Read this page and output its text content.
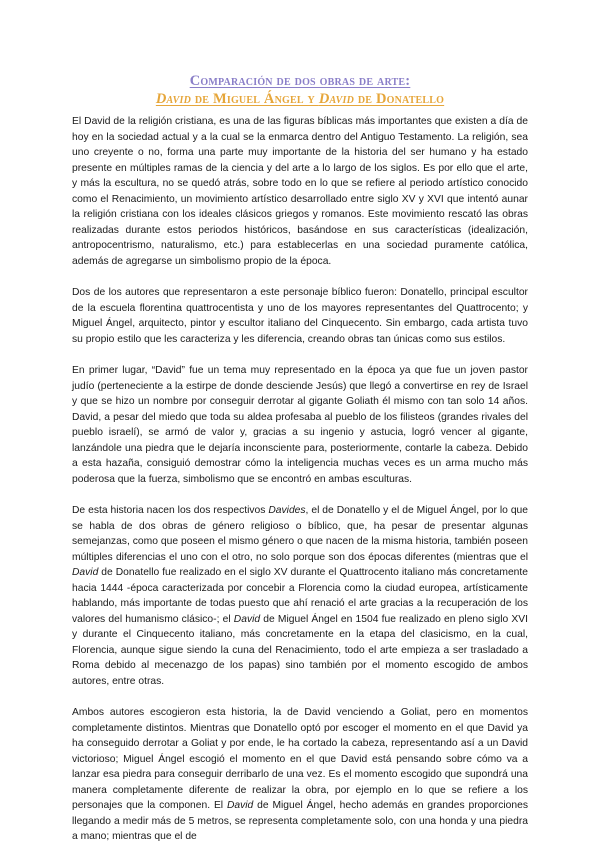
Comparación de dos obras de arte:
David de Miguel Ángel y David de Donatello

El David de la religión cristiana, es una de las figuras bíblicas más importantes que existen a día de hoy en la sociedad actual y a la cual se la enmarca dentro del Antiguo Testamento. La religión, sea uno creyente o no, forma una parte muy importante de la historia del ser humano y ha estado presente en múltiples ramas de la ciencia y del arte a lo largo de los siglos. Es por ello que el arte, y más la escultura, no se quedó atrás, sobre todo en lo que se refiere al periodo artístico conocido como el Renacimiento, un movimiento artístico desarrollado entre siglo XV y XVI que intentó aunar la religión cristiana con los ideales clásicos griegos y romanos. Este movimiento rescató las obras realizadas durante estos periodos históricos, basándose en sus características (idealización, antropocentrismo, naturalismo, etc.) para establecerlas en una sociedad puramente católica, además de agregarse un simbolismo propio de la época.

Dos de los autores que representaron a este personaje bíblico fueron: Donatello, principal escultor de la escuela florentina quattrocentista y uno de los mayores representantes del Quattrocento; y Miguel Ángel, arquitecto, pintor y escultor italiano del Cinquecento. Sin embargo, cada artista tuvo su propio estilo que les caracteriza y les diferencia, creando obras tan únicas como sus estilos.

En primer lugar, “David” fue un tema muy representado en la época ya que fue un joven pastor judío (perteneciente a la estirpe de donde desciende Jesús) que llegó a convertirse en rey de Israel y que se hizo un nombre por conseguir derrotar al gigante Goliath él mismo con tan solo 14 años. David, a pesar del miedo que toda su aldea profesaba al pueblo de los filisteos (grandes rivales del pueblo israelí), se armó de valor y, gracias a su ingenio y astucia, logró vencer al gigante, lanzándole una piedra que le dejaría inconsciente para, posteriormente, contarle la cabeza. Debido a esta hazaña, consiguió demostrar cómo la inteligencia muchas veces es un arma mucho más poderosa que la fuerza, simbolismo que se encontró en ambas esculturas.

De esta historia nacen los dos respectivos Davides, el de Donatello y el de Miguel Ángel, por lo que se habla de dos obras de género religioso o bíblico, que, ha pesar de presentar algunas semejanzas, como que poseen el mismo género o que nacen de la misma historia, también poseen múltiples diferencias el uno con el otro, no solo porque son dos épocas diferentes (mientras que el David de Donatello fue realizado en el siglo XV durante el Quattrocento italiano más concretamente hacia 1444 -época caracterizada por concebir a Florencia como la ciudad europea, artísticamente hablando, más importante de todas puesto que ahí renació el arte gracias a la recuperación de los valores del humanismo clásico-; el David de Miguel Ángel en 1504 fue realizado en pleno siglo XVI y durante el Cinquecento italiano, más concretamente en la etapa del clasicismo, en la cual, Florencia, aunque sigue siendo la cuna del Renacimiento, todo el arte empieza a ser trasladado a Roma debido al mecenazgo de los papas) sino también por el momento escogido de ambos autores, entre otras.

Ambos autores escogieron esta historia, la de David venciendo a Goliat, pero en momentos completamente distintos. Mientras que Donatello optó por escoger el momento en el que David ya ha conseguido derrotar a Goliat y por ende, le ha cortado la cabeza, representando así a un David victorioso; Miguel Ángel escogió el momento en el que David está pensando sobre cómo va a lanzar esa piedra para conseguir derribarlo de una vez. Es el momento escogido que supondrá una manera completamente diferente de realizar la obra, por ejemplo en lo que se refiere a los personajes que la componen. El David de Miguel Ángel, hecho además en grandes proporciones llegando a medir más de 5 metros, se representa completamente solo, con una honda y una piedra a mano; mientras que el de
